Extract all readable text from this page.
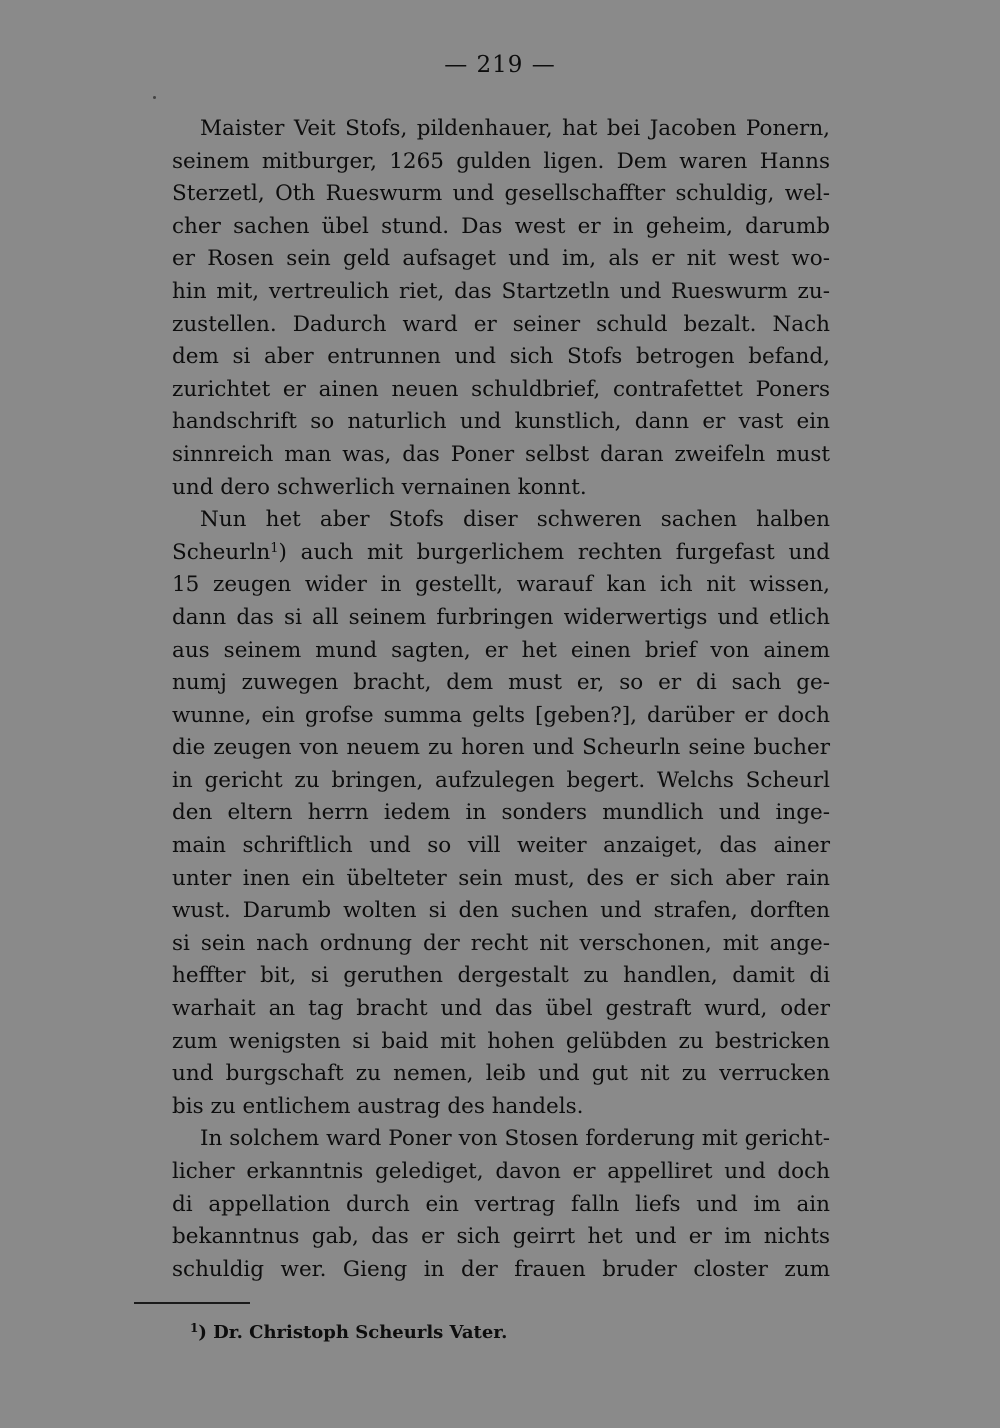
— 219 —
Maister Veit Stofs, pildenhauer, hat bei Jacoben Ponern,
seinem mitburger, 1265 gulden ligen. Dem waren Hanns
Sterzetl, Oth Rueswurm und gesellschaffter schuldig, wel-
cher sachen übel stund. Das west er in geheim, darumb
er Rosen sein geld aufsaget und im, als er nit west wo-
hin mit, vertreulich riet, das Startzetln und Rueswurm zu-
zustellen. Dadurch ward er seiner schuld bezalt. Nach
dem si aber entrunnen und sich Stofs betrogen befand,
zurichtet er ainen neuen schuldbrief, contrafettet Poners
handschrift so naturlich und kunstlich, dann er vast ein
sinnreich man was, das Poner selbst daran zweifeln must
und dero schwerlich vernainen konnt.
Nun het aber Stofs diser schweren sachen halben
Scheurln$^1$) auch mit burgerlichem rechten furgefast und
15 zeugen wider in gestellt, warauf kan ich nit wissen,
dann das si all seinem furbringen widerwertigs und etlich
aus seinem mund sagten, er het einen brief von ainem
numj zuwegen bracht, dem must er, so er di sach ge-
wunne, ein grofse summa gelts [geben?], darüber er doch
die zeugen von neuem zu horen und Scheurln seine bucher
in gericht zu bringen, aufzulegen begert. Welchs Scheurl
den eltern herrn iedem in sonders mundlich und inge-
main schriftlich und so vill weiter anzaiget, das ainer
unter inen ein übelteter sein must, des er sich aber rain
wust. Darumb wolten si den suchen und strafen, dorften
si sein nach ordnung der recht nit verschonen, mit ange-
heffter bit, si geruthen dergestalt zu handlen, damit di
warhait an tag bracht und das übel gestraft wurd, oder
zum wenigsten si baid mit hohen gelübden zu bestricken
und burgschaft zu nemen, leib und gut nit zu verrucken
bis zu entlichem austrag des handels.
In solchem ward Poner von Stosen forderung mit gericht-
licher erkanntnis gelediget, davon er appelliret und doch
di appellation durch ein vertrag falln liefs und im ain
bekanntnus gab, das er sich geirrt het und er im nichts
schuldig wer. Gieng in der frauen bruder closter zum
$^1$) Dr. Christoph Scheurls Vater.
